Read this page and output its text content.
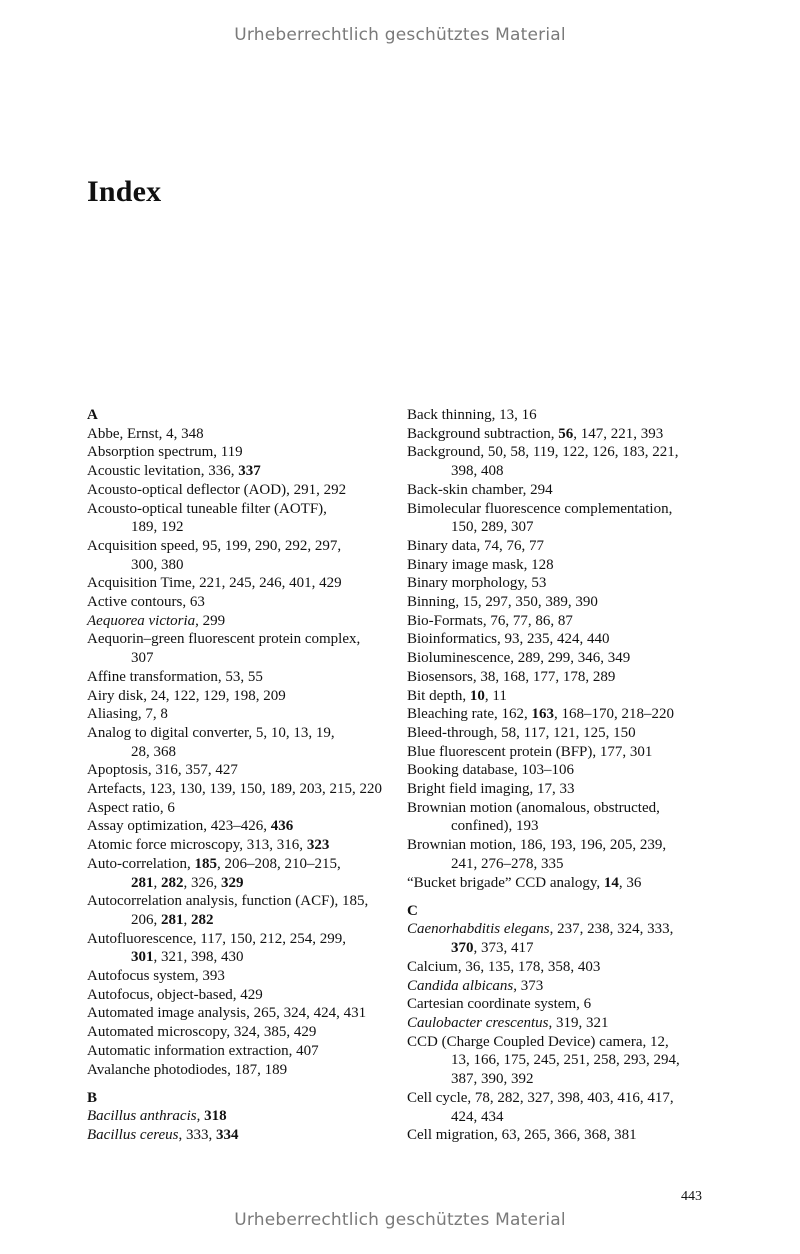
Urheberrechtlich geschütztes Material
Index
A
Abbe, Ernst, 4, 348
Absorption spectrum, 119
Acoustic levitation, 336, 337
Acousto-optical deflector (AOD), 291, 292
Acousto-optical tuneable filter (AOTF),
189, 192
Acquisition speed, 95, 199, 290, 292, 297,
300, 380
Acquisition Time, 221, 245, 246, 401, 429
Active contours, 63
Aequorea victoria, 299
Aequorin–green fluorescent protein complex,
307
Affine transformation, 53, 55
Airy disk, 24, 122, 129, 198, 209
Aliasing, 7, 8
Analog to digital converter, 5, 10, 13, 19,
28, 368
Apoptosis, 316, 357, 427
Artefacts, 123, 130, 139, 150, 189, 203, 215, 220
Aspect ratio, 6
Assay optimization, 423–426, 436
Atomic force microscopy, 313, 316, 323
Auto-correlation, 185, 206–208, 210–215,
281, 282, 326, 329
Autocorrelation analysis, function (ACF), 185,
206, 281, 282
Autofluorescence, 117, 150, 212, 254, 299,
301, 321, 398, 430
Autofocus system, 393
Autofocus, object-based, 429
Automated image analysis, 265, 324, 424, 431
Automated microscopy, 324, 385, 429
Automatic information extraction, 407
Avalanche photodiodes, 187, 189
B
Bacillus anthracis, 318
Bacillus cereus, 333, 334
Back thinning, 13, 16
Background subtraction, 56, 147, 221, 393
Background, 50, 58, 119, 122, 126, 183, 221,
398, 408
Back-skin chamber, 294
Bimolecular fluorescence complementation,
150, 289, 307
Binary data, 74, 76, 77
Binary image mask, 128
Binary morphology, 53
Binning, 15, 297, 350, 389, 390
Bio-Formats, 76, 77, 86, 87
Bioinformatics, 93, 235, 424, 440
Bioluminescence, 289, 299, 346, 349
Biosensors, 38, 168, 177, 178, 289
Bit depth, 10, 11
Bleaching rate, 162, 163, 168–170, 218–220
Bleed-through, 58, 117, 121, 125, 150
Blue fluorescent protein (BFP), 177, 301
Booking database, 103–106
Bright field imaging, 17, 33
Brownian motion (anomalous, obstructed,
confined), 193
Brownian motion, 186, 193, 196, 205, 239,
241, 276–278, 335
“Bucket brigade” CCD analogy, 14, 36
C
Caenorhabditis elegans, 237, 238, 324, 333,
370, 373, 417
Calcium, 36, 135, 178, 358, 403
Candida albicans, 373
Cartesian coordinate system, 6
Caulobacter crescentus, 319, 321
CCD (Charge Coupled Device) camera, 12,
13, 166, 175, 245, 251, 258, 293, 294,
387, 390, 392
Cell cycle, 78, 282, 327, 398, 403, 416, 417,
424, 434
Cell migration, 63, 265, 366, 368, 381
443
Urheberrechtlich geschütztes Material
